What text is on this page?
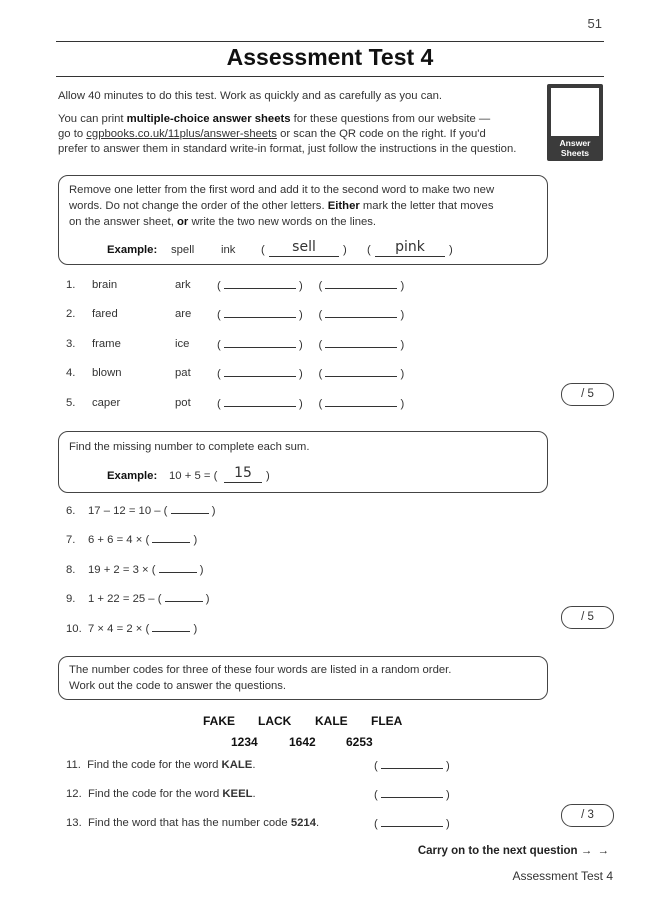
51
Assessment Test 4
Allow 40 minutes to do this test. Work as quickly and as carefully as you can.
You can print multiple-choice answer sheets for these questions from our website —
go to cgpbooks.co.uk/11plus/answer-sheets or scan the QR code on the right. If you'd
prefer to answer them in standard write-in format, just follow the instructions in the question.	Answer
Sheets
Remove one letter from the first word and add it to the second word to make two new
words. Do not change the order of the other letters. Either mark the letter that moves
on the answer sheet, or write the two new words on the lines.
Example: spell ink (	sell	) (	pink	)
1. brain	ark (	)     (	)
2. fared	are (	)     (	)
3. frame	ice (	)     (	)
4. blown	pat (	)     (	)
5. caper	pot (	)     (	)
/ 5
Find the missing number to complete each sum.
Example: 10 + 5 = (	15	)
6. 17 – 12 = 10 – (	)
7. 6 + 6 = 4 × (	)
8. 19 + 2 = 3 × (	)
9. 1 + 22 = 25 – (	)
10. 7 × 4 = 2 × (	)
/ 5
The number codes for three of these four words are listed in a random order.
Work out the code to answer the questions.
FAKE LACK KALE FLEA
1234	1642	6253
11. Find the code for the word KALE.	(	)
12. Find the code for the word KEEL.	(	)
13. Find the word that has the number code 5214.	(	)
/ 3
Carry on to the next question → →
Assessment Test 4
